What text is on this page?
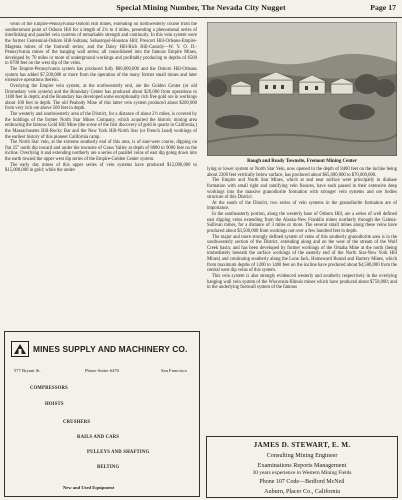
Special Mining Number, The Nevada City Nugget	Page 17

veins of the Empire-Pennsylvania-Osborn Hill mines, extending on northwesterly course from the southernmost point of Osborn Hill for a length of 2¼ to 4 miles, presenting a phenomenal series of interlinking and parallel vein systems of remarkable strength and continuity. In this vein system were the former Centennial-Osborn Hill-Sultana; Sebastopol-Houston Hill; Prescott Hill-Orleans-Empire-Magenta mines of the footwall series; and the Daisy Hill-Rich Hill-Cassidy—W. Y. O. D.-Pennsylvania mines of the hanging wall series; all consolidated into the famous Empire Mines, developed by 70 miles or more of underground workings and profitably producing to depths of 6500 to 6700 feet on the west dip of the veins.

The Empire-Pennsylvania system has produced fully $80,000,000 and the Osborn Hill-Orleans system has added $7,500,000 or more from the operation of the many former small mines and later extensive operations therein.

Overlying the Empire vein system, at the northwesterly end, are the Golden Center (or old Dromedary vein system) and the Boundary Center has produced about $20,000 from operations to 1180 feet in depth; and the Boundary has developed some exceptionally rich free gold ore in workings about 100 feet in depth. The old Peabody Mine of this latter vein system produced about $200,000 from very rich ore above 500 feet in depth.

The westerly and southwesterly area of the District, for a distance of about 2½ miles, is covered by the holdings of the former North Star Mines Company, which acquired the historic mining area embracing the famous Gold Hill Mine (the scene of the first discovery of gold in quartz in California,) the Massachusetts Hill-Rocky Bar and the New York Hill-North Star (or French Lead) workings of the earliest history of this pioneer California camp.

The North Star vein, at the extreme southerly end of this area, is of east-west course, dipping on flat 25° north dip toward and under the townsite of Grass Valley at depth of 8000 to 9000 feet on the incline. Overlying it and extending northerly are a series of parallel veins of east dip going down into the earth toward the upper west dip series of the Empire-Golden Center system.

The early day mines of this upper series of vein systems have produced $12,000,000 to $15,000,000 in gold; while the under-

Rough and Ready Townsite, Fremont Mining Center

lying or lower system or North Star Vein, now opened to the depth of 8400 feet on the incline being about 2300 feet vertically below surface, has produced about $65,000,000 to $70,000,000.

The Empire and North Star Mines, which at and near surface were principally in diabase formation with small right and ramifying vein fissures, have each passed in their extensive deep workings into the massive granodiorite formation with stronger vein systems and ore bodies structure of this District.

At the south of the District, two series of vein systems in the granodiorite formation are of importance.

In the southeasterly portion, along the westerly base of Osborn Hill, are a series of well defined east dipping veins extending from the Alaska-New Franklin mines northerly through the Galena-Sullivan mines, for a distance of 3 miles or more. The several small mines along these veins have produced about $3,500,000 from workings not over a few hundred feet in depth.

The major and more strongly defined system of veins of this southerly granodiorite area is in the southwesterly section of the District, extending along and on the west of the stream of the Wolf Creek basin; and has been developed by former workings of the Omaha Mine at the north (being immediately beneath the surface workings of the easterly end of the North Star-New York Hill Mines) and continuing southerly along the Lone Jack, Homeward Bound and Hartery Mines, which from maximum depths of 1200 to 1400 feet on the incline have produced about $4,500,000 from the central west dip veins of this system.

This vein system is also strongly evidenced westerly and southerly respectively in the overlying hanging wall vein system of the Wisconsin-Illinois mines which have produced about $750,000; and in the underlying footwall system of the famous

MINES SUPPLY AND MACHINERY CO.
577 Bryant St.	Phone Sutter 6470	San Francisco
COMPRESSORS
HOISTS
CRUSHERS
RAILS AND CARS
PULLEYS AND SHAFTING
BELTING
New and Used Equipment
JAMES D. STEWART, E. M.
Consulting Mining Engineer
Examinations Reports Management
30 years experience in Western Mining Fields
Phone 107 Code—Bedford McNeil
Auburn, Placer Co., California
